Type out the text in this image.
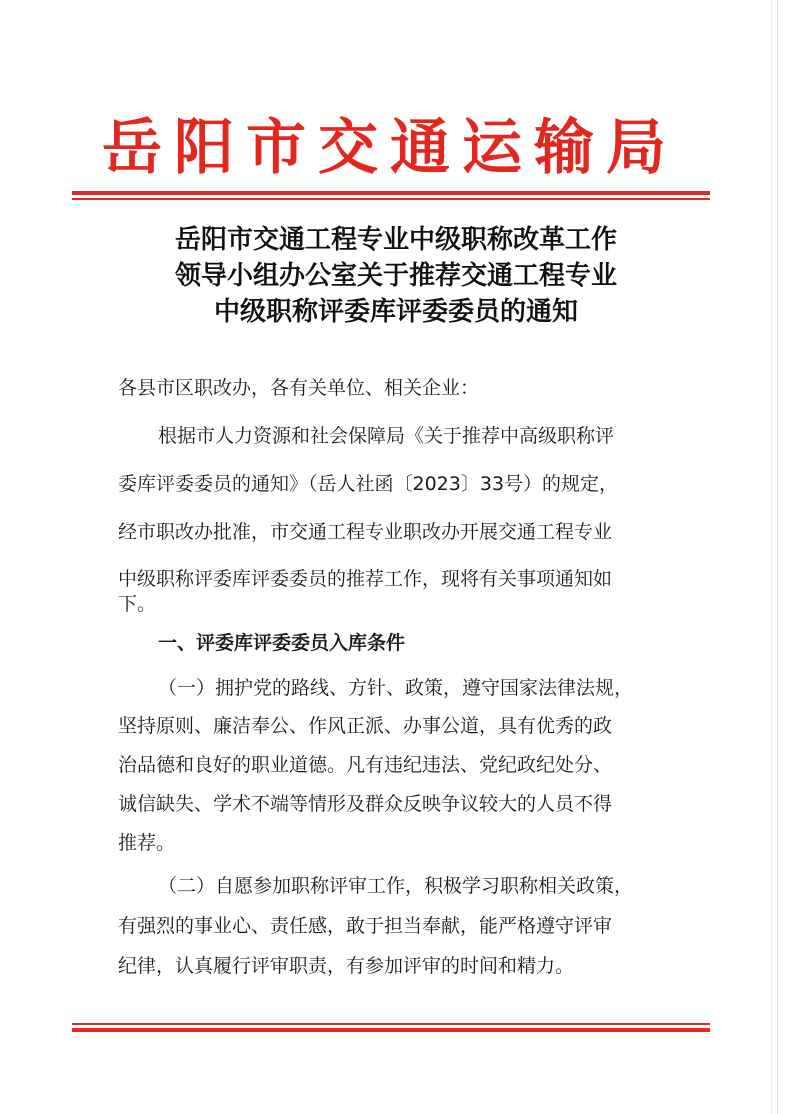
岳阳市交通运输局
岳阳市交通工程专业中级职称改革工作
领导小组办公室关于推荐交通工程专业
中级职称评委库评委委员的通知
各县市区职改办，各有关单位、相关企业：
根据市人力资源和社会保障局《关于推荐中高级职称评
委库评委委员的通知》（岳人社函〔2023〕33号）的规定，
经市职改办批准，市交通工程专业职改办开展交通工程专业
中级职称评委库评委委员的推荐工作，现将有关事项通知如
下。
一、评委库评委委员入库条件
（一）拥护党的路线、方针、政策，遵守国家法律法规，
坚持原则、廉洁奉公、作风正派、办事公道，具有优秀的政
治品德和良好的职业道德。凡有违纪违法、党纪政纪处分、
诚信缺失、学术不端等情形及群众反映争议较大的人员不得
推荐。
（二）自愿参加职称评审工作，积极学习职称相关政策，
有强烈的事业心、责任感，敢于担当奉献，能严格遵守评审
纪律，认真履行评审职责，有参加评审的时间和精力。
